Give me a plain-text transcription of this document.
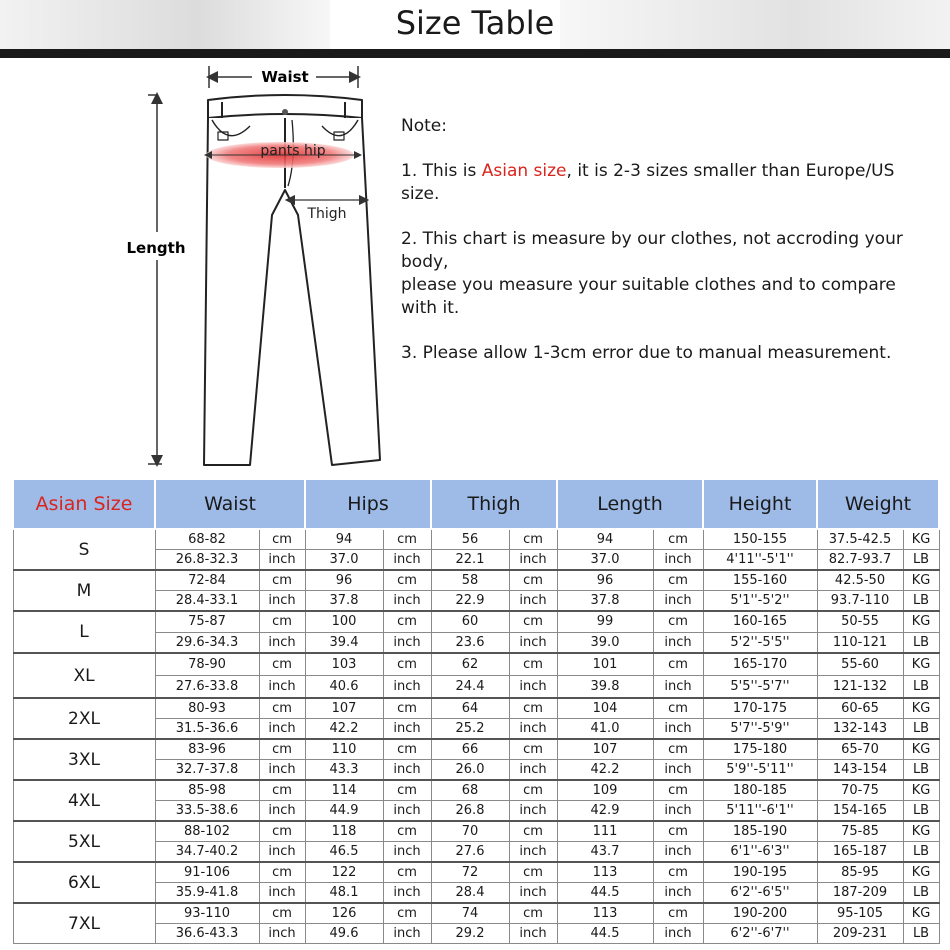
Size Table
Waist
Length
pants hip
Thigh

Note:

1. This is Asian size, it is 2-3 sizes smaller than Europe/US size.

2. This chart is measure by our clothes, not accroding your body,
please you measure your suitable clothes and to compare with it.

3. Please allow 1-3cm error due to manual measurement.

Asian Size	Waist		Hips		Thigh		Length		Height	Weight	
S	68-82	cm	94	cm	56	cm	94	cm	150-155	37.5-42.5	KG
	26.8-32.3	inch	37.0	inch	22.1	inch	37.0	inch	4'11''-5'1''	82.7-93.7	LB
M	72-84	cm	96	cm	58	cm	96	cm	155-160	42.5-50	KG
	28.4-33.1	inch	37.8	inch	22.9	inch	37.8	inch	5'1''-5'2''	93.7-110	LB
L	75-87	cm	100	cm	60	cm	99	cm	160-165	50-55	KG
	29.6-34.3	inch	39.4	inch	23.6	inch	39.0	inch	5'2''-5'5''	110-121	LB
XL	78-90	cm	103	cm	62	cm	101	cm	165-170	55-60	KG
	27.6-33.8	inch	40.6	inch	24.4	inch	39.8	inch	5'5''-5'7''	121-132	LB
2XL	80-93	cm	107	cm	64	cm	104	cm	170-175	60-65	KG
	31.5-36.6	inch	42.2	inch	25.2	inch	41.0	inch	5'7''-5'9''	132-143	LB
3XL	83-96	cm	110	cm	66	cm	107	cm	175-180	65-70	KG
	32.7-37.8	inch	43.3	inch	26.0	inch	42.2	inch	5'9''-5'11''	143-154	LB
4XL	85-98	cm	114	cm	68	cm	109	cm	180-185	70-75	KG
	33.5-38.6	inch	44.9	inch	26.8	inch	42.9	inch	5'11''-6'1''	154-165	LB
5XL	88-102	cm	118	cm	70	cm	111	cm	185-190	75-85	KG
	34.7-40.2	inch	46.5	inch	27.6	inch	43.7	inch	6'1''-6'3''	165-187	LB
6XL	91-106	cm	122	cm	72	cm	113	cm	190-195	85-95	KG
	35.9-41.8	inch	48.1	inch	28.4	inch	44.5	inch	6'2''-6'5''	187-209	LB
7XL	93-110	cm	126	cm	74	cm	113	cm	190-200	95-105	KG
	36.6-43.3	inch	49.6	inch	29.2	inch	44.5	inch	6'2''-6'7''	209-231	LB
